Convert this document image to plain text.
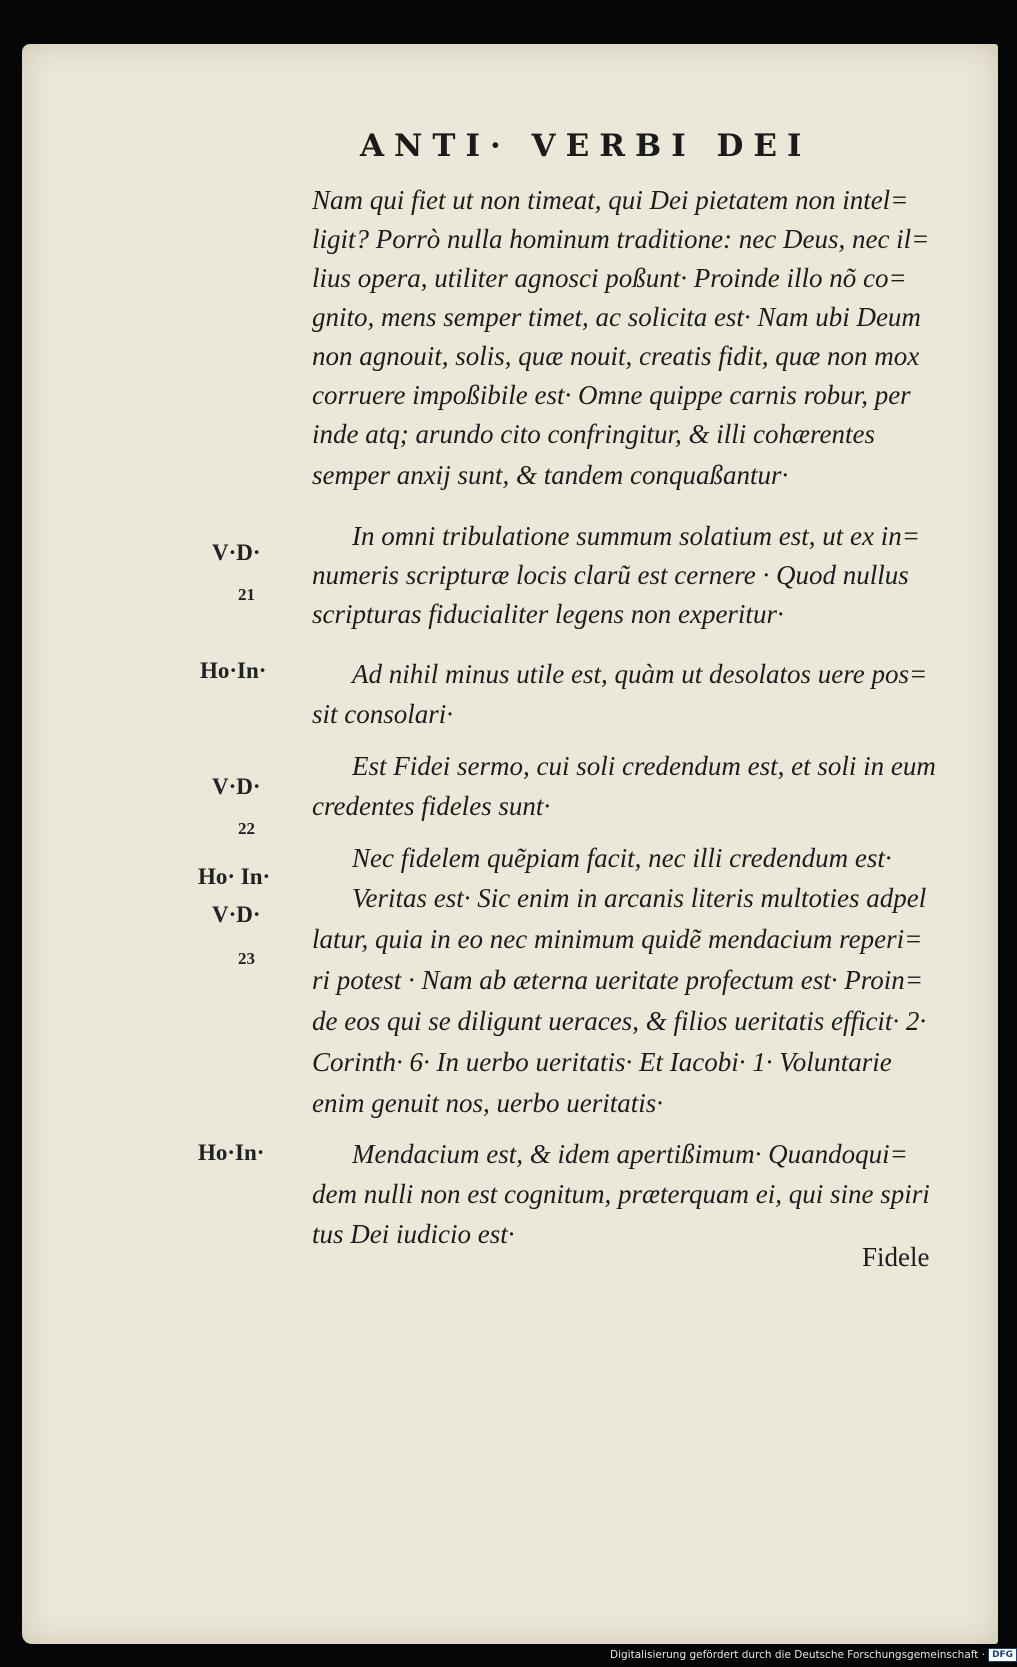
ANTI· VERBI DEI
Nam qui fiet ut non timeat, qui Dei pietatem non intel=
ligit? Porrò nulla hominum traditione: nec Deus, nec il=
lius opera, utiliter agnosci poßunt· Proinde illo nõ co=
gnito, mens semper timet, ac solicita est· Nam ubi Deum
non agnouit, solis, quæ nouit, creatis fidit, quæ non mox
corruere impoßibile est· Omne quippe carnis robur, per
inde atq; arundo cito confringitur, & illi cohærentes
semper anxij sunt, & tandem conquaßantur·
In omni tribulatione summum solatium est, ut ex in=
numeris scripturæ locis clarũ est cernere · Quod nullus
scripturas fiducialiter legens non experitur·
Ad nihil minus utile est, quàm ut desolatos uere pos=
sit consolari·
Est Fidei sermo, cui soli credendum est, et soli in eum
credentes fideles sunt·
Nec fidelem quẽpiam facit, nec illi credendum est·
Veritas est· Sic enim in arcanis literis multoties adpel
latur, quia in eo nec minimum quidẽ mendacium reperi=
ri potest · Nam ab æterna ueritate profectum est· Proin=
de eos qui se diligunt ueraces, & filios ueritatis efficit· 2·
Corinth· 6· In uerbo ueritatis· Et Iacobi· 1· Voluntarie
enim genuit nos, uerbo ueritatis·
Mendacium est, & idem apertißimum· Quandoqui=
dem nulli non est cognitum, præterquam ei, qui sine spiri
tus Dei iudicio est·
V·D·
21
Ho·In·
V·D·
22
Ho· In·
V·D·
23
Ho·In·
Fidele
Digitalisierung gefördert durch die Deutsche Forschungsgemeinschaft · DFG
